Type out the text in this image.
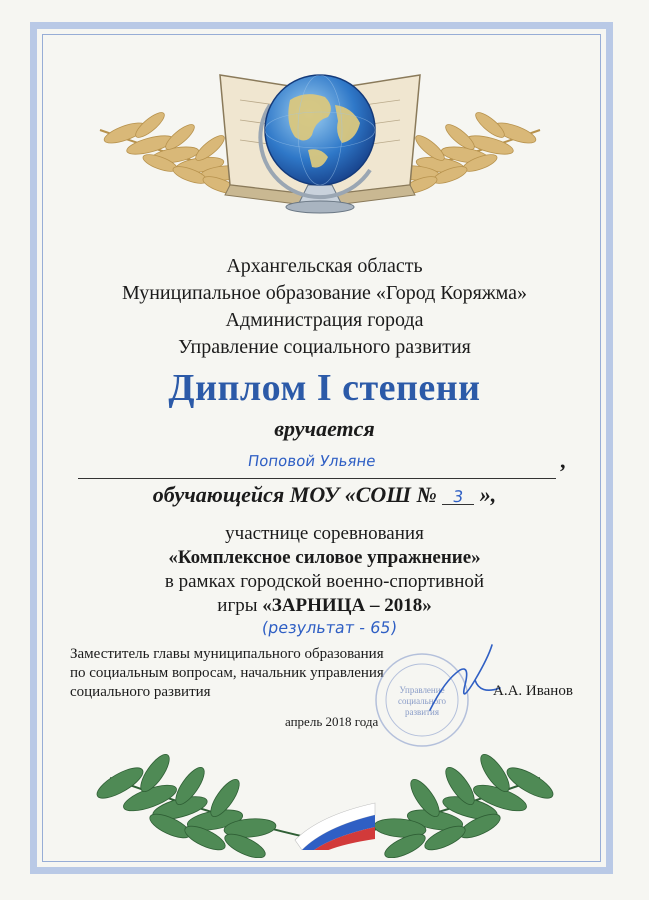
Архангельская область
Муниципальное образование «Город Коряжма»
Администрация города
Управление социального развития
Диплом I степени
вручается
Поповой Ульяне	,
обучающейся МОУ «СОШ № 3 »,
участнице соревнования
«Комплексное силовое упражнение»
в рамках городской военно-спортивной
игры «ЗАРНИЦА – 2018»
(результат - 65)
Заместитель главы муниципального образования
по социальным вопросам, начальник управления
социального развития	Управление
социального
развития
А.А. Иванов
апрель 2018 года
